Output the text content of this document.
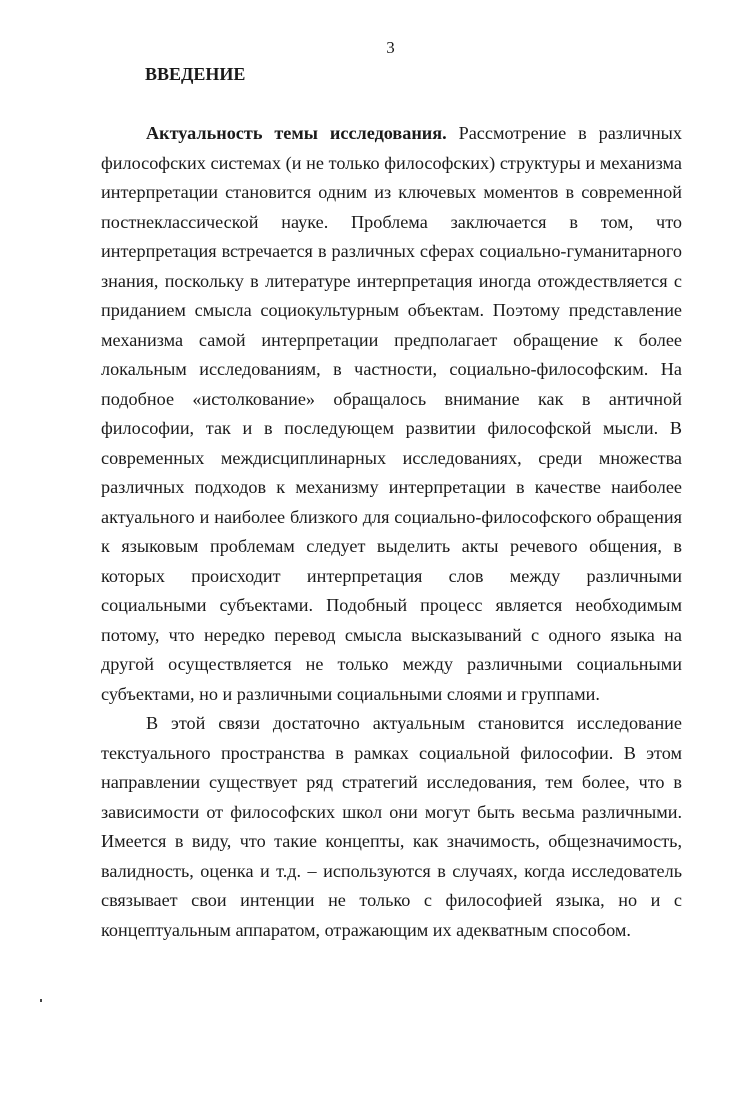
3
ВВЕДЕНИЕ

Актуальность темы исследования. Рассмотрение в различных философских системах (и не только философских) структуры и механизма интерпретации становится одним из ключевых моментов в современной постнеклассической науке. Проблема заключается в том, что интерпретация встречается в различных сферах социально-гуманитарного знания, поскольку в литературе интерпретация иногда отождествляется с приданием смысла социокультурным объектам. Поэтому представление механизма самой интерпретации предполагает обращение к более локальным исследованиям, в частности, социально-философским. На подобное «истолкование» обращалось внимание как в античной философии, так и в последующем развитии философской мысли. В современных междисциплинарных исследованиях, среди множества различных подходов к механизму интерпретации в качестве наиболее актуального и наиболее близкого для социально-философского обращения к языковым проблемам следует выделить акты речевого общения, в которых происходит интерпретация слов между различными социальными субъектами. Подобный процесс является необходимым потому, что нередко перевод смысла высказываний с одного языка на другой осуществляется не только между различными социальными субъектами, но и различными социальными слоями и группами.

В этой связи достаточно актуальным становится исследование текстуального пространства в рамках социальной философии. В этом направлении существует ряд стратегий исследования, тем более, что в зависимости от философских школ они могут быть весьма различными. Имеется в виду, что такие концепты, как значимость, общезначимость, валидность, оценка и т.д. – используются в случаях, когда исследователь связывает свои интенции не только с философией языка, но и с концептуальным аппаратом, отражающим их адекватным способом.
